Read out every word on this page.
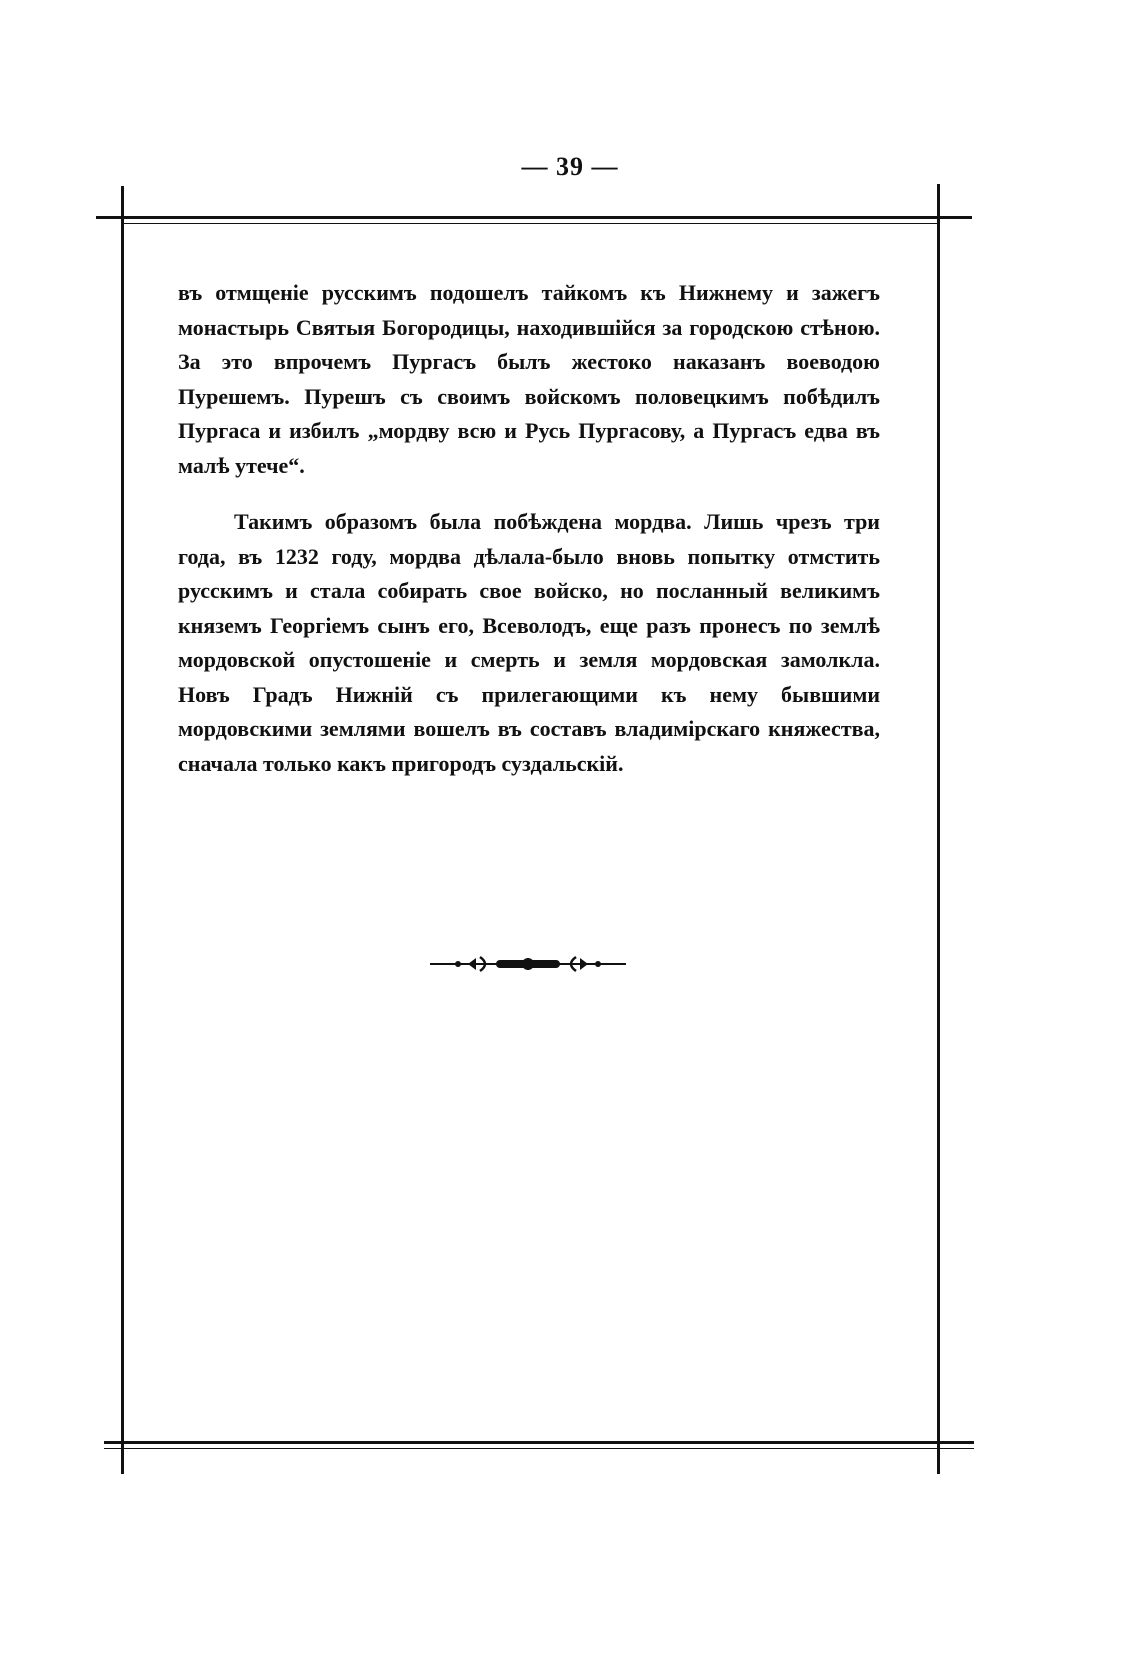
— 39 —

въ отмщеніе русскимъ подошелъ тайкомъ къ Нижнему и зажегъ монастырь Святыя Богородицы, находившійся за городскою стѣною. За это впрочемъ Пургасъ былъ жестоко наказанъ воеводою Пурешемъ. Пурешъ съ своимъ войскомъ половецкимъ побѣдилъ Пургаса и избилъ „мордву всю и Русь Пургасову, а Пургасъ едва въ малѣ утече“.

Такимъ образомъ была побѣждена мордва. Лишь чрезъ три года, въ 1232 году, мордва дѣлала-было вновь попытку отмстить русскимъ и стала собирать свое войско, но посланный великимъ княземъ Георгіемъ сынъ его, Всеволодъ, еще разъ пронесъ по землѣ мордовской опустошеніе и смерть и земля мордовская замолкла. Новъ Градъ Нижній съ прилегающими къ нему бывшими мордовскими землями вошелъ въ составъ владимірскаго княжества, сначала только какъ пригородъ суздальскій.
